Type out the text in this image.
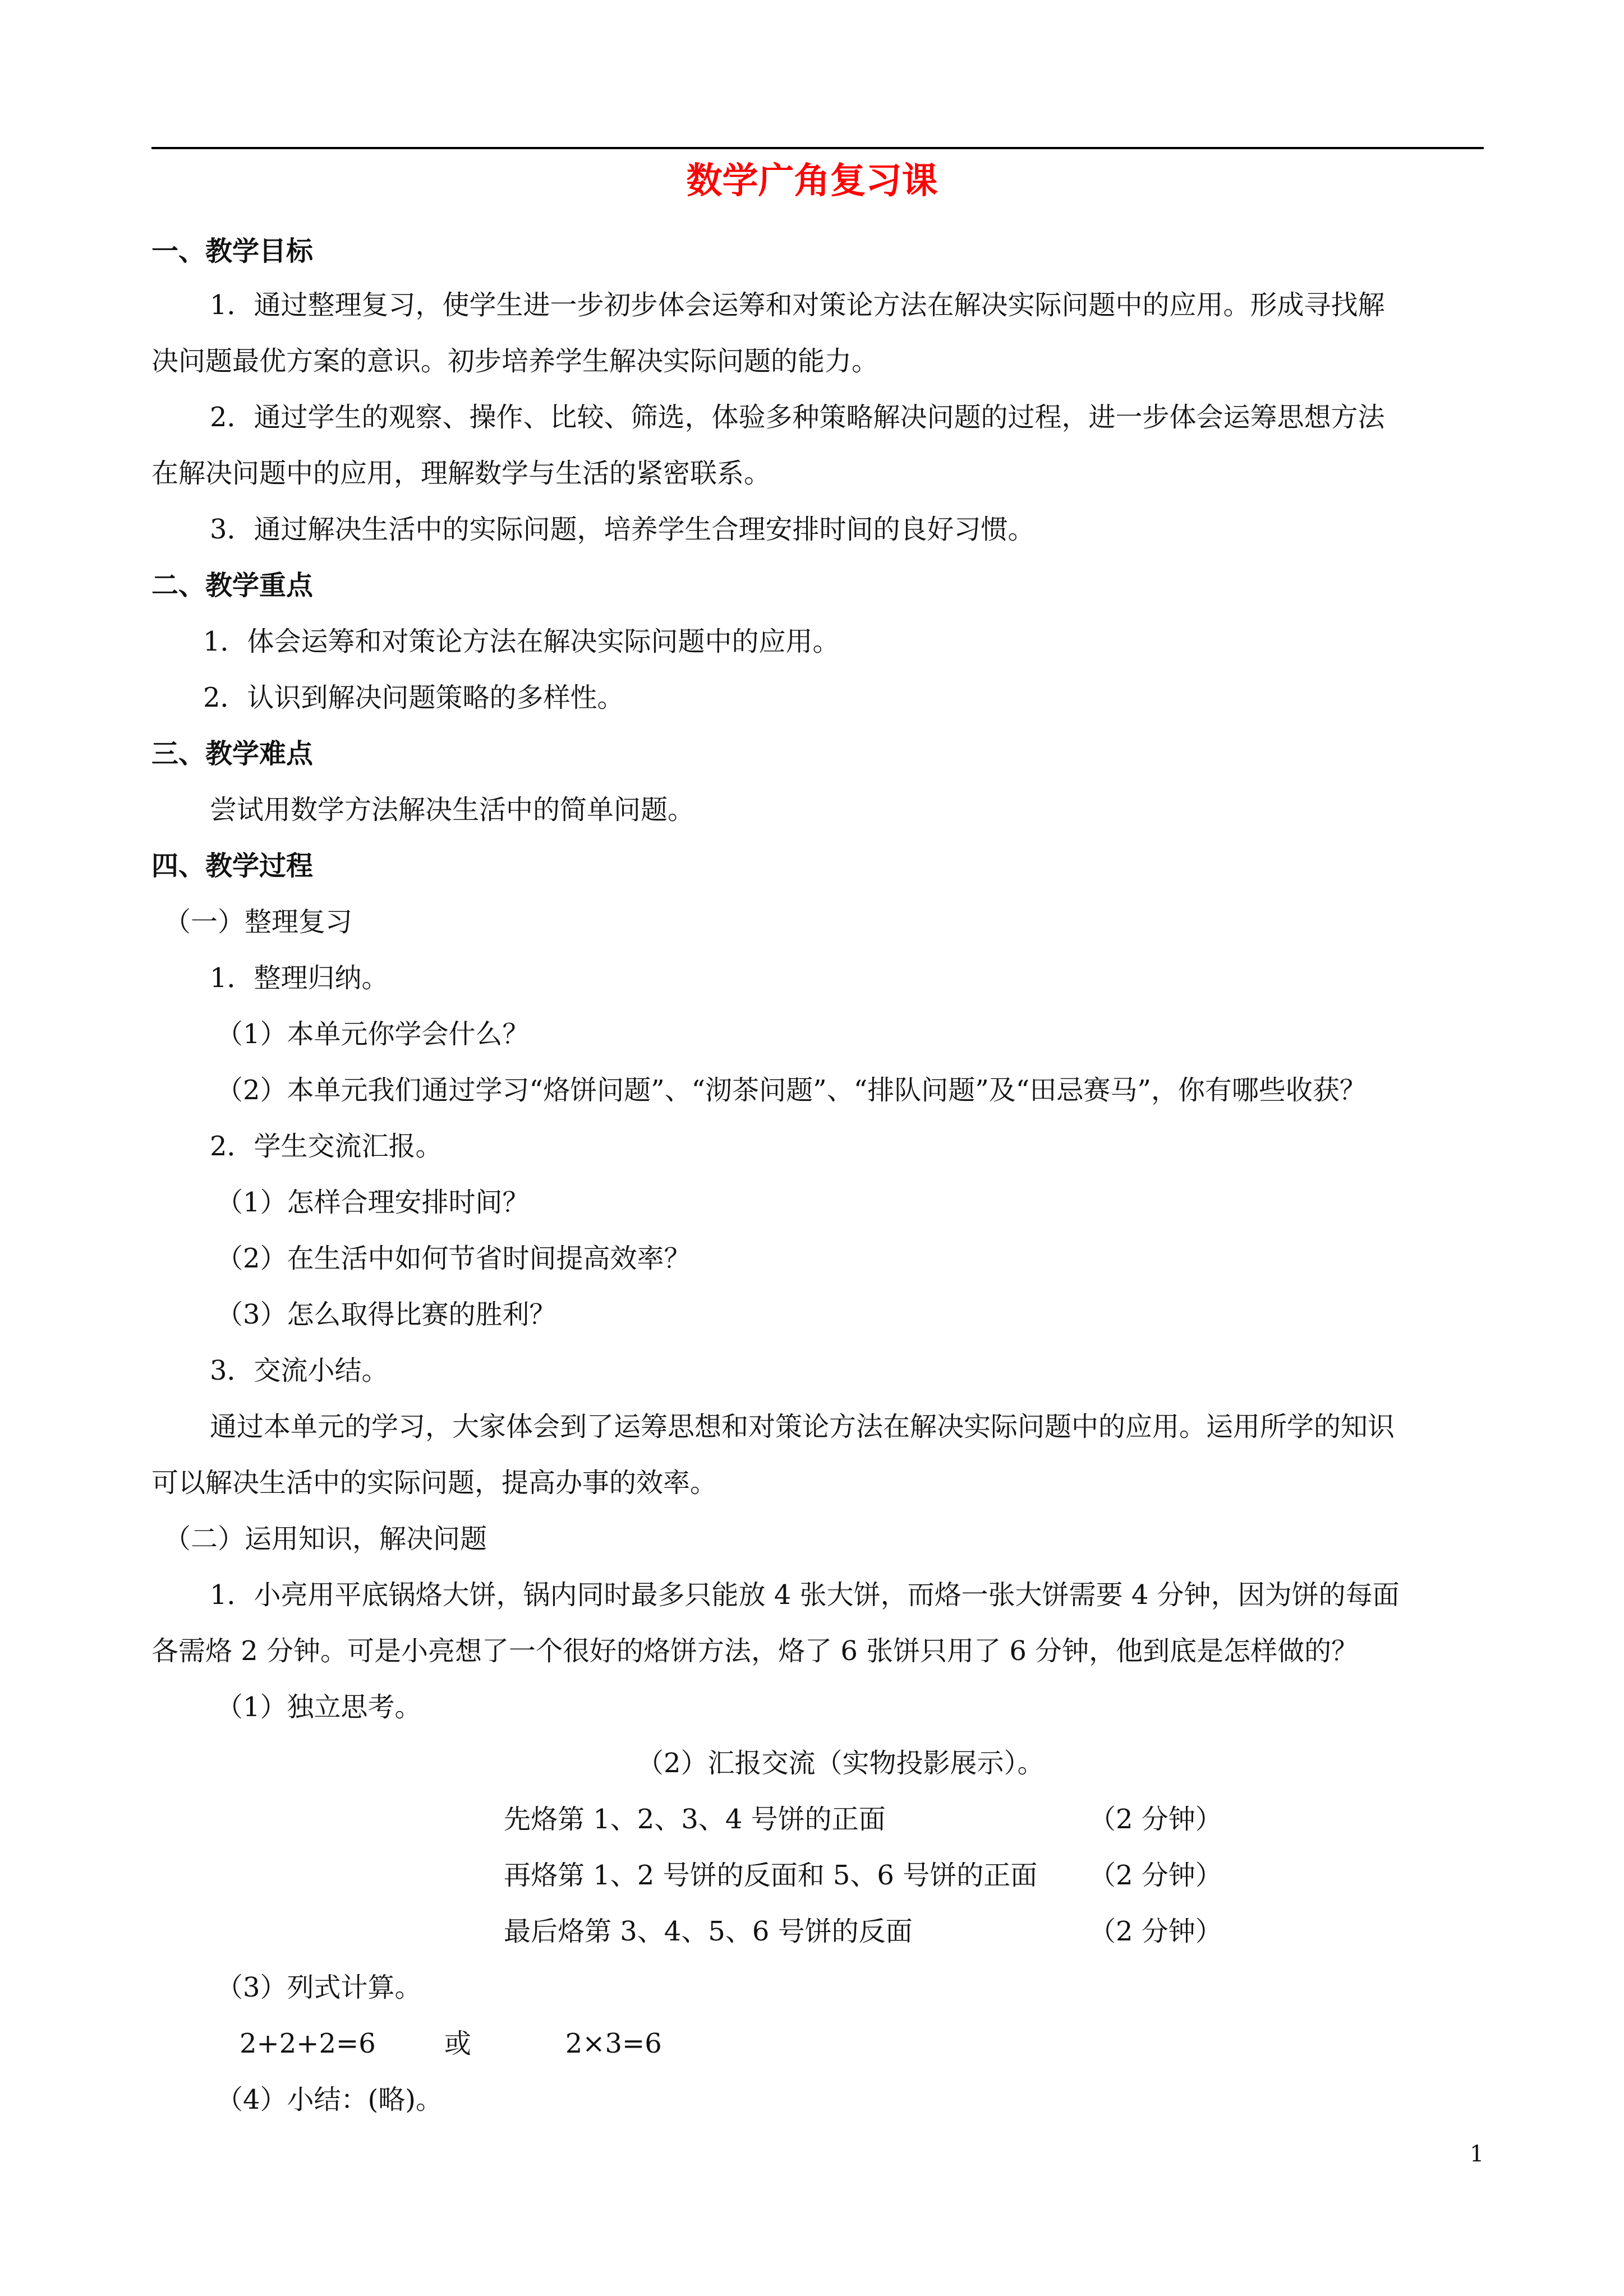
数学广角复习课
一、教学目标
1．通过整理复习，使学生进一步初步体会运筹和对策论方法在解决实际问题中的应用。形成寻找解
决问题最优方案的意识。初步培养学生解决实际问题的能力。
2．通过学生的观察、操作、比较、筛选，体验多种策略解决问题的过程，进一步体会运筹思想方法
在解决问题中的应用，理解数学与生活的紧密联系。
3．通过解决生活中的实际问题，培养学生合理安排时间的良好习惯。
二、教学重点
1．体会运筹和对策论方法在解决实际问题中的应用。
2．认识到解决问题策略的多样性。
三、教学难点
尝试用数学方法解决生活中的简单问题。
四、教学过程
（一）整理复习
1．整理归纳。
（1）本单元你学会什么？
（2）本单元我们通过学习“烙饼问题”、“沏茶问题”、“排队问题”及“田忌赛马”，你有哪些收获？
2．学生交流汇报。
（1）怎样合理安排时间？
（2）在生活中如何节省时间提高效率？
（3）怎么取得比赛的胜利？
3．交流小结。
通过本单元的学习，大家体会到了运筹思想和对策论方法在解决实际问题中的应用。运用所学的知识
可以解决生活中的实际问题，提高办事的效率。
（二）运用知识，解决问题
1．小亮用平底锅烙大饼，锅内同时最多只能放 4 张大饼，而烙一张大饼需要 4 分钟，因为饼的每面
各需烙 2 分钟。可是小亮想了一个很好的烙饼方法，烙了 6 张饼只用了 6 分钟，他到底是怎样做的？
（1）独立思考。
（2）汇报交流（实物投影展示）。
先烙第 1、2、3、4 号饼的正面	（2 分钟）
再烙第 1、2 号饼的反面和 5、6 号饼的正面 （2 分钟）
最后烙第 3、4、5、6 号饼的反面	（2 分钟）
（3）列式计算。
2+2+2=6        或           2×3=6
（4）小结：(略)。
1
